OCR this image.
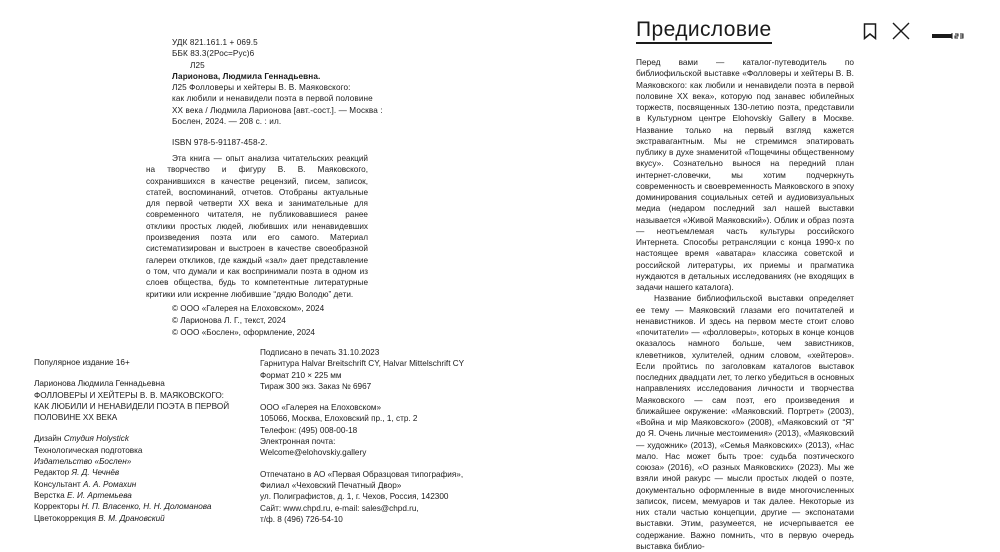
УДК 821.161.1 + 069.5
ББК 83.3(2Рос=Рус)6
Л25
Ларионова, Людмила Геннадьевна.
Л25 Фолловеры и хейтеры В. В. Маяковского:
как любили и ненавидели поэта в первой половине
XX века / Людмила Ларионова [авт.-сост.]. — Москва :
Бослен, 2024. — 208 с. : ил.
ISBN 978-5-91187-458-2.
Эта книга — опыт анализа читательских реакций на творчество и фигуру В. В. Маяковского, сохранившихся в качестве рецензий, писем, записок, статей, воспоминаний, отчетов. Отобраны актуальные для первой четверти XX века и занимательные для современного читателя, не публиковавшиеся ранее отклики простых людей, любивших или ненавидевших произведения поэта или его самого. Материал систематизирован и выстроен в качестве своеобразной галереи откликов, где каждый «зал» дает представление о том, что думали и как воспринимали поэта в одном из слоев общества, будь то компетентные литературные критики или искренне любившие “дядю Володю” дети.
© ООО «Галерея на Елоховском», 2024
© Ларионова Л. Г., текст, 2024
© ООО «Бослен», оформление, 2024
Популярное издание 16+
Ларионова Людмила Геннадьевна
ФОЛЛОВЕРЫ И ХЕЙТЕРЫ В. В. МАЯКОВСКОГО:
КАК ЛЮБИЛИ И НЕНАВИДЕЛИ ПОЭТА В ПЕРВОЙ
ПОЛОВИНЕ XX ВЕКА
Дизайн Студия Holystick
Технологическая подготовка
Издательство «Бослен»
Редактор Я. Д. Чечнёв
Консультант А. А. Ромахин
Верстка Е. И. Артемьева
Корректоры Н. П. Власенко, Н. Н. Доломанова
Цветокоррекция В. М. Драновский
Подписано в печать 31.10.2023
Гарнитура Halvar Breitschrift CY, Halvar Mittelschrift CY
Формат 210 × 225 мм
Тираж 300 экз. Заказ № 6967
ООО «Галерея на Елоховском»
105066, Москва, Елоховский пр., 1, стр. 2
Телефон: (495) 008-00-18
Электронная почта:
Welcome@elohovskiy.gallery
Отпечатано в АО «Первая Образцовая типография»,
Филиал «Чеховский Печатный Двор»
ул. Полиграфистов, д. 1, г. Чехов, Россия, 142300
Сайт: www.chpd.ru, e-mail: sales@chpd.ru,
т/ф. 8 (496) 726-54-10
Предисловие

Перед вами — каталог-путеводитель по библиофильской выставке «Фолловеры и хейтеры В. В. Маяковского: как любили и ненавидели поэта в первой половине XX века», которую под занавес юбилейных торжеств, посвященных 130-летию поэта, представили в Культурном центре Elohovskiy Gallery в Москве. Название только на первый взгляд кажется экстравагантным. Мы не стремимся эпатировать публику в духе знаменитой «Пощечины общественному вкусу». Сознательно вынося на передний план интернет-словечки, мы хотим подчеркнуть современность и своевременность Маяковского в эпоху доминирования социальных сетей и аудиовизуальных медиа (недаром последний зал нашей выставки называется «Живой Маяковский»). Облик и образ поэта — неотъемлемая часть культуры российского Интернета. Способы ретрансляции с конца 1990-х по настоящее время «аватара» классика советской и российской литературы, их приемы и прагматика нуждаются в детальных исследованиях (не входящих в задачи нашего каталога).

Название библиофильской выставки определяет ее тему — Маяковский глазами его почитателей и ненавистников. И здесь на первом месте стоит слово «почитатели» — «фолловеры», которых в конце концов оказалось намного больше, чем завистников, клеветников, хулителей, одним словом, «хейтеров». Если пройтись по заголовкам каталогов выставок последних двадцати лет, то легко убедиться в основных направлениях исследования личности и творчества Маяковского — сам поэт, его произведения и ближайшее окружение: «Маяковский. Портрет» (2003), «Война и мір Маяковского» (2008), «Маяковский от “Я” до Я. Очень личные местоимения» (2013), «Маяковский — художник» (2013), «Семья Маяковских» (2013), «Нас мало. Нас может быть трое: судьба поэтического союза» (2016), «О разных Маяковских» (2023). Мы же взяли иной ракурс — мысли простых людей о поэте, документально оформленные в виде многочисленных записок, писем, мемуаров и так далее. Некоторые из них стали частью концепции, другие — экспонатами выставки. Этим, разумеется, не исчерпывается ее содержание. Важно помнить, что в первую очередь выставка библио-
